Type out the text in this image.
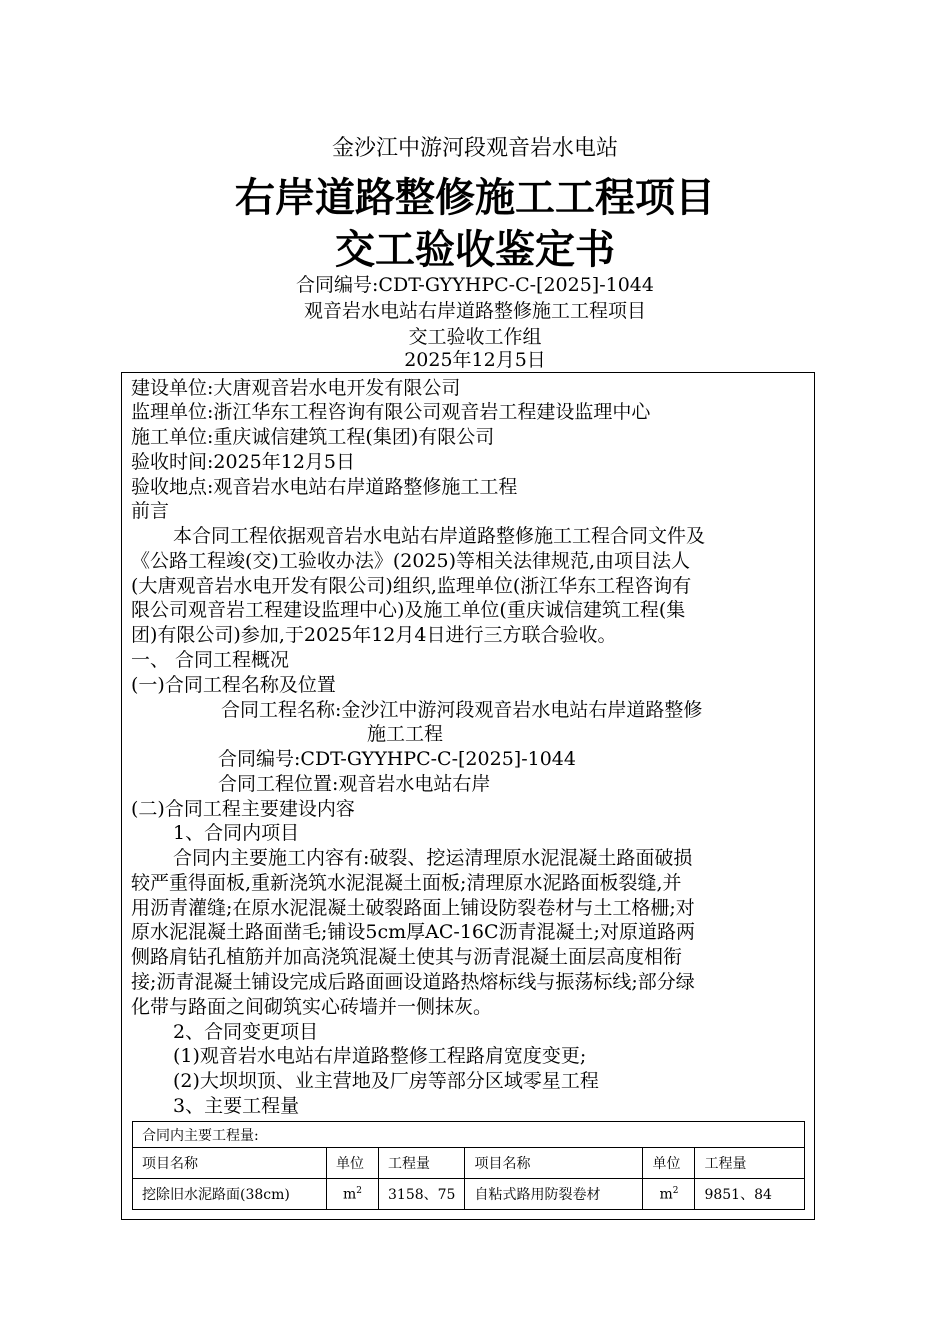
金沙江中游河段观音岩水电站
右岸道路整修施工工程项目
交工验收鉴定书
合同编号:CDT-GYYHPC-C-[2025]-1044
观音岩水电站右岸道路整修施工工程项目
交工验收工作组
2025年12月5日
建设单位:大唐观音岩水电开发有限公司
监理单位:浙江华东工程咨询有限公司观音岩工程建设监理中心
施工单位:重庆诚信建筑工程(集团)有限公司
验收时间:2025年12月5日
验收地点:观音岩水电站右岸道路整修施工工程
前言
本合同工程依据观音岩水电站右岸道路整修施工工程合同文件及
《公路工程竣(交)工验收办法》(2025)等相关法律规范,由项目法人
(大唐观音岩水电开发有限公司)组织,监理单位(浙江华东工程咨询有
限公司观音岩工程建设监理中心)及施工单位(重庆诚信建筑工程(集
团)有限公司)参加,于2025年12月4日进行三方联合验收。
一、 合同工程概况
(一)合同工程名称及位置
合同工程名称:金沙江中游河段观音岩水电站右岸道路整修
施工工程
合同编号:CDT-GYYHPC-C-[2025]-1044
合同工程位置:观音岩水电站右岸
(二)合同工程主要建设内容
1、合同内项目
合同内主要施工内容有:破裂、挖运清理原水泥混凝土路面破损
较严重得面板,重新浇筑水泥混凝土面板;清理原水泥路面板裂缝,并
用沥青灌缝;在原水泥混凝土破裂路面上铺设防裂卷材与土工格栅;对
原水泥混凝土路面凿毛;铺设5cm厚AC-16C沥青混凝土;对原道路两
侧路肩钻孔植筋并加高浇筑混凝土使其与沥青混凝土面层高度相衔
接;沥青混凝土铺设完成后路面画设道路热熔标线与振荡标线;部分绿
化带与路面之间砌筑实心砖墙并一侧抹灰。
2、合同变更项目
(1)观音岩水电站右岸道路整修工程路肩宽度变更;
(2)大坝坝顶、业主营地及厂房等部分区域零星工程
3、主要工程量
合同内主要工程量:					
项目名称	单位	工程量	项目名称	单位	工程量
挖除旧水泥路面(38cm)	$m^2$	3158、75	自粘式路用防裂卷材	$m^2$	9851、84
